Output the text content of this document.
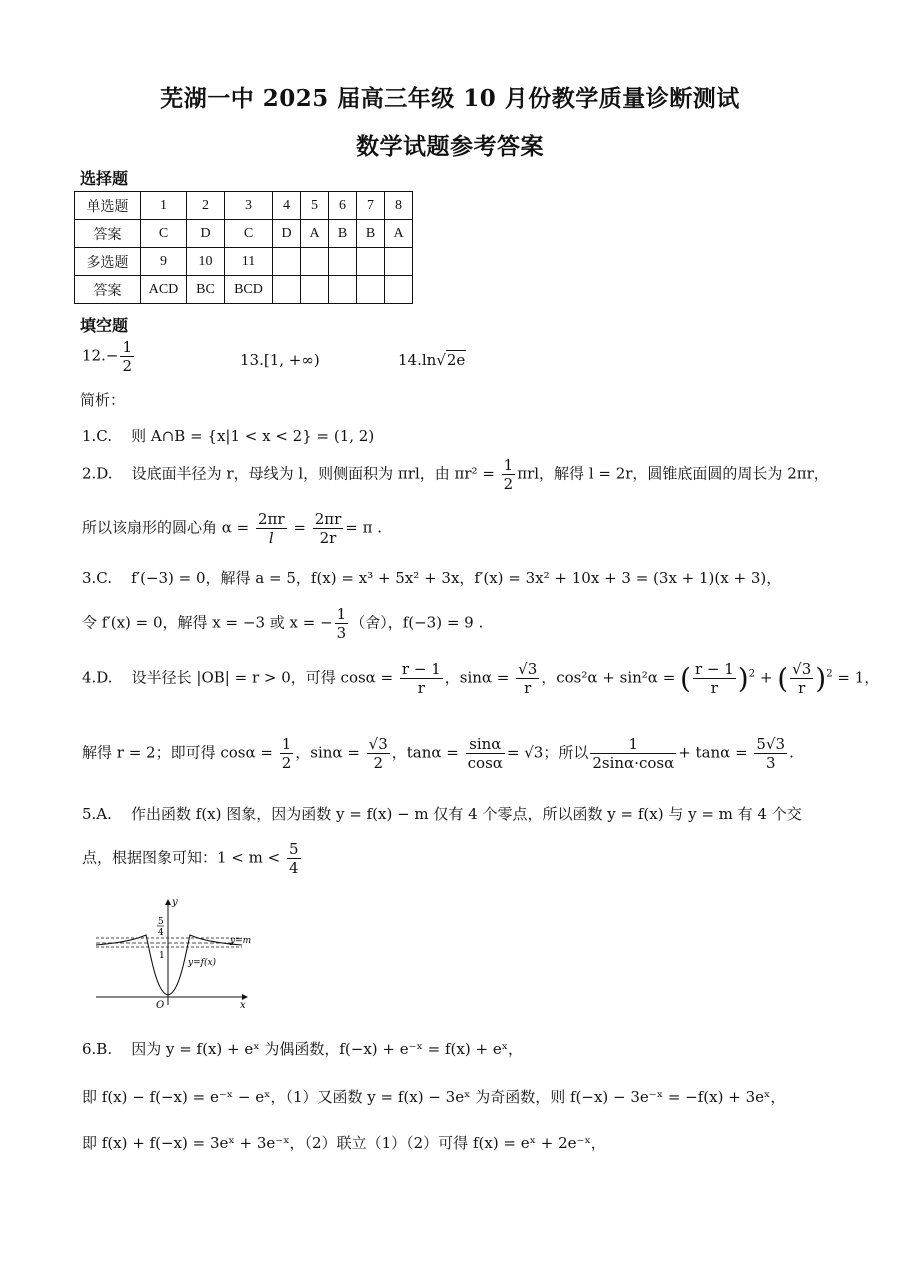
芜湖一中 2025 届高三年级 10 月份教学质量诊断测试
数学试题参考答案
选择题
单选题	1	2	3	4	5	6	7	8
答案	C	D	C	D	A	B	B	A
多选题	9	10	11					
答案	ACD	BC	BCD					
填空题
$12.- \frac{1}{2}$	13.[1, +∞)	14.ln√2e
简析：
1.C. 则 A∩B = {x|1 < x < 2} = (1, 2)
2.D. 设底面半径为 r，母线为 l，则侧面积为 πrl，由 $\pi r^2 = \frac{1}{2}$ πrl，解得 l = 2r，圆锥底面圆的周长为 2πr，
所以该扇形的圆心角 $\alpha = \frac{2\pi r}{l} = \frac{2\pi r}{2r} = \pi$ .
3.C. f′(−3) = 0，解得 a = 5，f(x) = x³ + 5x² + 3x，f′(x) = 3x² + 10x + 3 = (3x + 1)(x + 3)，
令 f′(x) = 0，解得 x = −3 或 x = − $\frac{1}{3}$ （舍），f(−3) = 9 .
4.D. 设半径长 |OB| = r > 0，可得 $\cos\alpha = \frac{r - 1}{r}$ ，$\sin\alpha = \frac{√3}{r}$ ，cos²α + sin²α = ( $\frac{r - 1}{r} )^2$ + ( $\frac{√3}{r} )^2 = 1$，
解得 r = 2；即可得 $\cos\alpha = \frac{1}{2}$ ，$\sin\alpha = \frac{√3}{2}$ ，$\tan\alpha = \frac{\sin\alpha}{\cos\alpha} = √3$；所以 $\frac{1}{2\sin\alpha\cdot\cos\alpha} + \tan\alpha = \frac{5√3}{3}$ .
5.A. 作出函数 f(x) 图象，因为函数 y = f(x) − m 仅有 4 个零点，所以函数 y = f(x) 与 y = m 有 4 个交
点，根据图象可知：$1 < m < \frac{5}{4}$
y
x
O
5
4
1
y=m
y=f(x)
6.B. 因为 y = f(x) + eˣ 为偶函数，f(−x) + e⁻ˣ = f(x) + eˣ，
即 f(x) − f(−x) = e⁻ˣ − eˣ，（1）又函数 y = f(x) − 3eˣ 为奇函数，则 f(−x) − 3e⁻ˣ = −f(x) + 3eˣ，
即 f(x) + f(−x) = 3eˣ + 3e⁻ˣ，（2）联立（1）（2）可得 f(x) = eˣ + 2e⁻ˣ，
